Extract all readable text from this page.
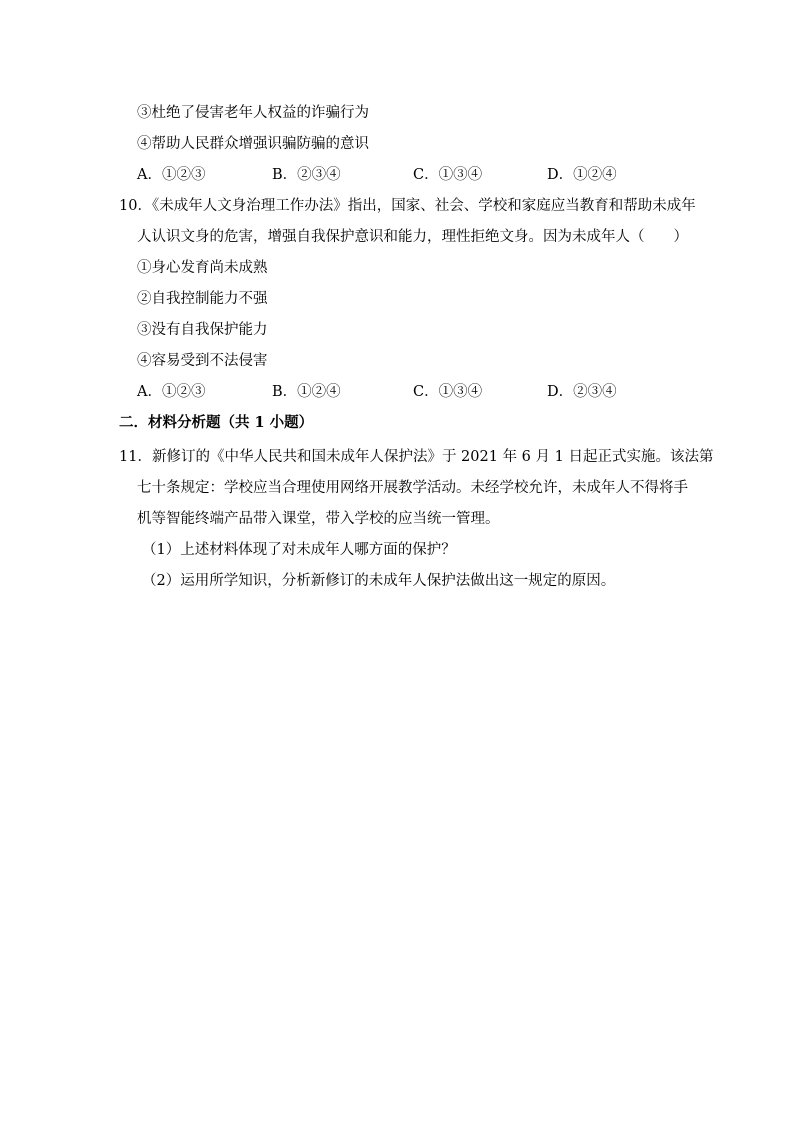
③杜绝了侵害老年人权益的诈骗行为

④帮助人民群众增强识骗防骗的意识

A．①②③	B．②③④	C．①③④	D．①②④

10．《未成年人文身治理工作办法》指出，国家、社会、学校和家庭应当教育和帮助未成年

人认识文身的危害，增强自我保护意识和能力，理性拒绝文身。因为未成年人（　　）

①身心发育尚未成熟

②自我控制能力不强

③没有自我保护能力

④容易受到不法侵害

A．①②③	B．①②④	C．①③④	D．②③④

二．材料分析题（共 1 小题）

11．新修订的《中华人民共和国未成年人保护法》于 2021 年 6 月 1 日起正式实施。该法第

七十条规定：学校应当合理使用网络开展教学活动。未经学校允许，未成年人不得将手

机等智能终端产品带入课堂，带入学校的应当统一管理。

（1）上述材料体现了对未成年人哪方面的保护？

（2）运用所学知识，分析新修订的未成年人保护法做出这一规定的原因。
